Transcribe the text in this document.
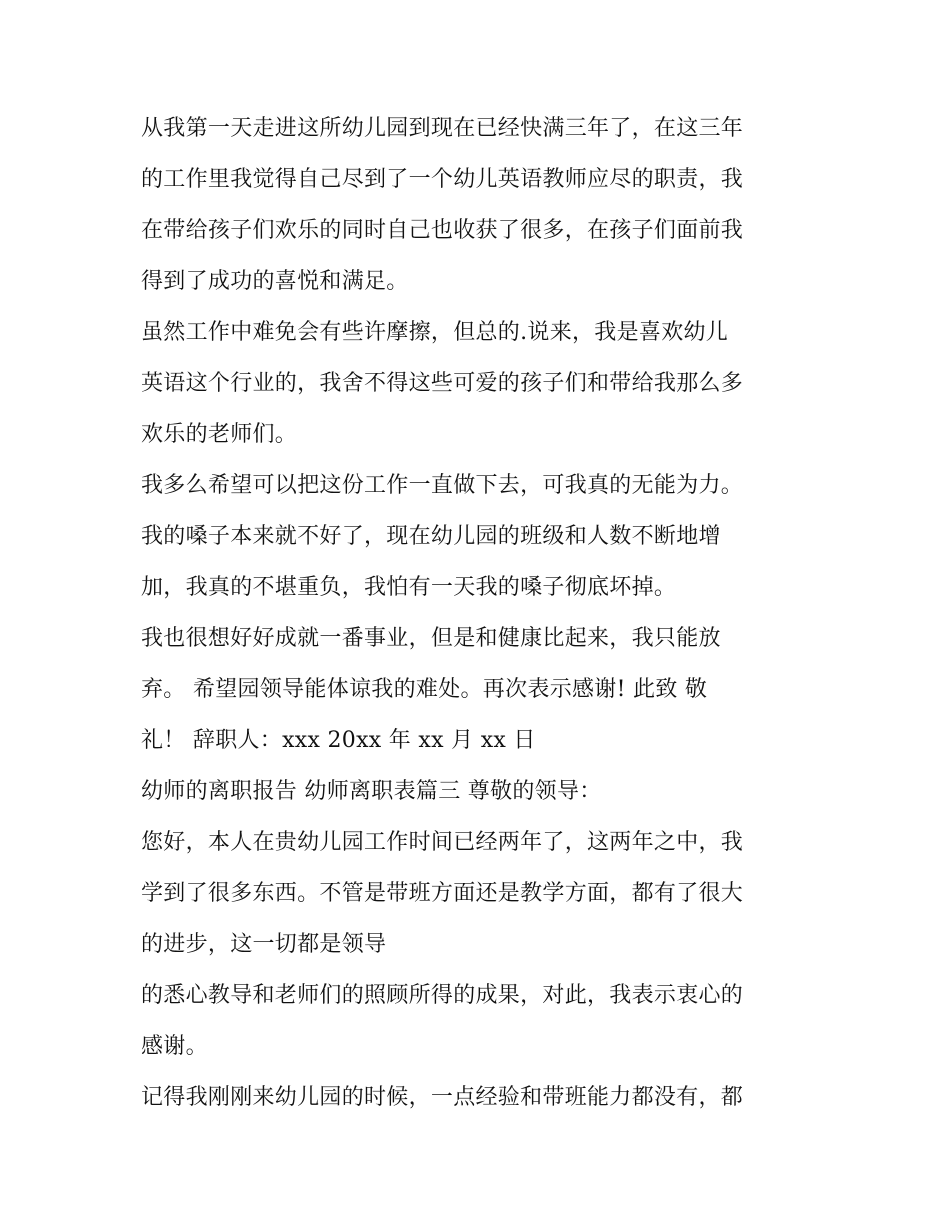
从我第一天走进这所幼儿园到现在已经快满三年了，在这三年
的工作里我觉得自己尽到了一个幼儿英语教师应尽的职责，我
在带给孩子们欢乐的同时自己也收获了很多，在孩子们面前我
得到了成功的喜悦和满足。
虽然工作中难免会有些许摩擦，但总的.说来，我是喜欢幼儿
英语这个行业的，我舍不得这些可爱的孩子们和带给我那么多
欢乐的老师们。
我多么希望可以把这份工作一直做下去，可我真的无能为力。
我的嗓子本来就不好了，现在幼儿园的班级和人数不断地增
加，我真的不堪重负，我怕有一天我的嗓子彻底坏掉。
我也很想好好成就一番事业，但是和健康比起来，我只能放
弃。 希望园领导能体谅我的难处。再次表示感谢! 此致 敬
礼！ 辞职人：xxx 20xx 年 xx 月 xx 日
幼师的离职报告 幼师离职表篇三 尊敬的领导：
您好，本人在贵幼儿园工作时间已经两年了，这两年之中，我
学到了很多东西。不管是带班方面还是教学方面，都有了很大
的进步，这一切都是领导
的悉心教导和老师们的照顾所得的成果，对此，我表示衷心的
感谢。
记得我刚刚来幼儿园的时候，一点经验和带班能力都没有，都
